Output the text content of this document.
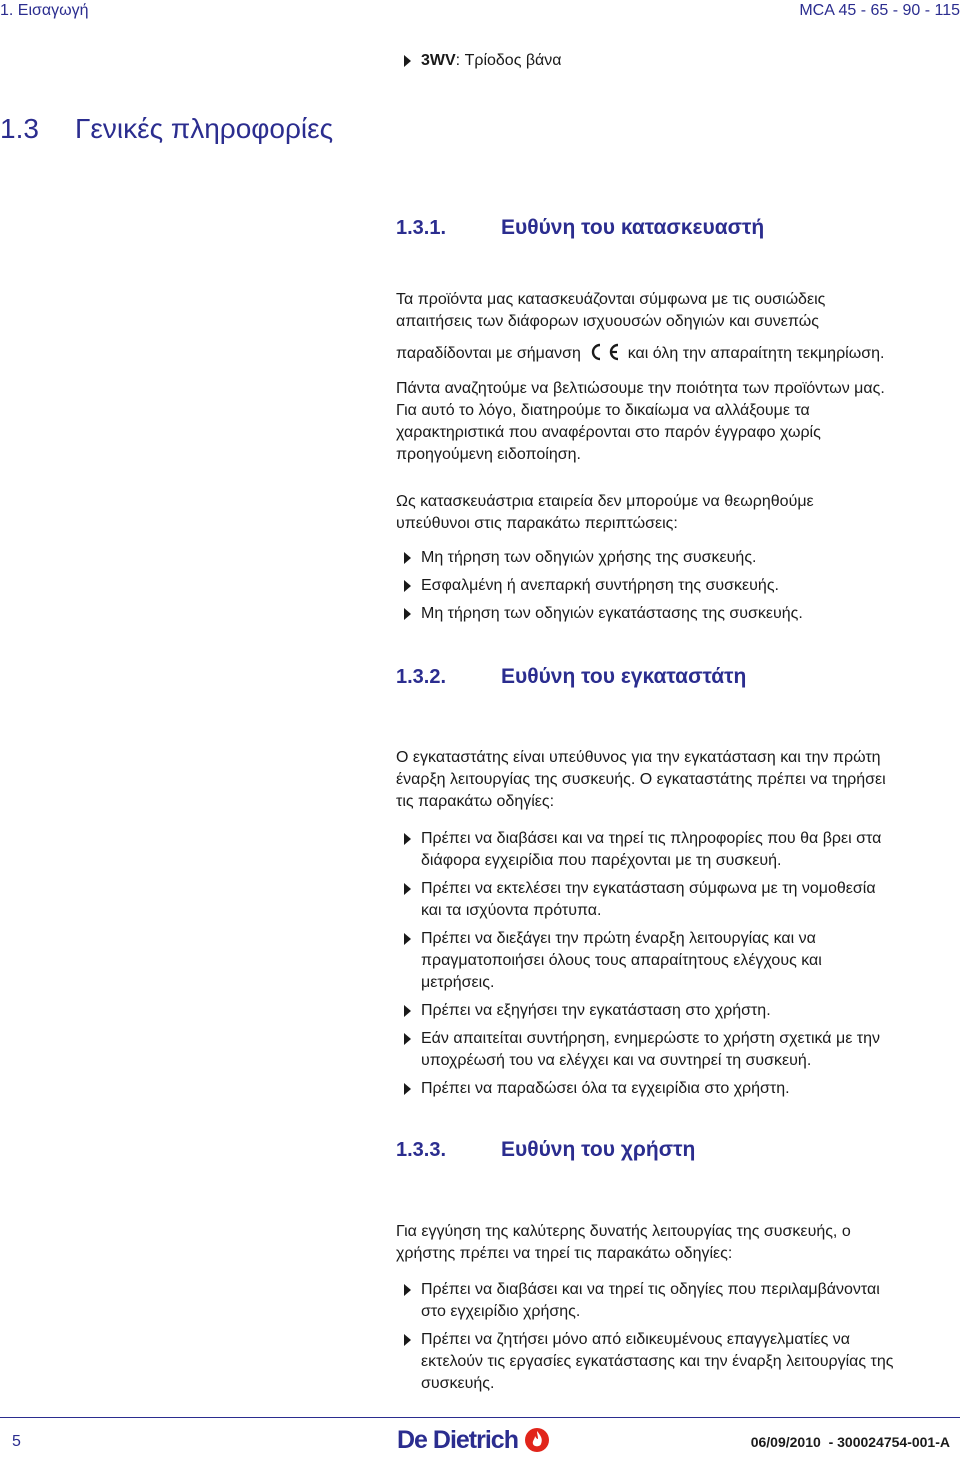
1. Εισαγωγή	MCA 45 - 65 - 90 - 115
3WV: Τρίοδος βάνα
1.3 Γενικές πληροφορίες
1.3.1.	Ευθύνη του κατασκευαστή
Τα προϊόντα μας κατασκευάζονται σύμφωνα με τις ουσιώδεις
απαιτήσεις των διάφορων ισχυουσών οδηγιών και συνεπώς
παραδίδονται με σήμανση	και όλη την απαραίτητη τεκμηρίωση.
Πάντα αναζητούμε να βελτιώσουμε την ποιότητα των προϊόντων μας.
Για αυτό το λόγο, διατηρούμε το δικαίωμα να αλλάξουμε τα
χαρακτηριστικά που αναφέρονται στο παρόν έγγραφο χωρίς
προηγούμενη ειδοποίηση.
Ως κατασκευάστρια εταιρεία δεν μπορούμε να θεωρηθούμε
υπεύθυνοι στις παρακάτω περιπτώσεις:
Μη τήρηση των οδηγιών χρήσης της συσκευής.
Εσφαλμένη ή ανεπαρκή συντήρηση της συσκευής.
Μη τήρηση των οδηγιών εγκατάστασης της συσκευής.
1.3.2.	Ευθύνη του εγκαταστάτη
Ο εγκαταστάτης είναι υπεύθυνος για την εγκατάσταση και την πρώτη
έναρξη λειτουργίας της συσκευής. Ο εγκαταστάτης πρέπει να τηρήσει
τις παρακάτω οδηγίες:
Πρέπει να διαβάσει και να τηρεί τις πληροφορίες που θα βρει στα
διάφορα εγχειρίδια που παρέχονται με τη συσκευή.
Πρέπει να εκτελέσει την εγκατάσταση σύμφωνα με τη νομοθεσία
και τα ισχύοντα πρότυπα.
Πρέπει να διεξάγει την πρώτη έναρξη λειτουργίας και να
πραγματοποιήσει όλους τους απαραίτητους ελέγχους και
μετρήσεις.
Πρέπει να εξηγήσει την εγκατάσταση στο χρήστη.
Εάν απαιτείται συντήρηση, ενημερώστε το χρήστη σχετικά με την
υποχρέωσή του να ελέγχει και να συντηρεί τη συσκευή.
Πρέπει να παραδώσει όλα τα εγχειρίδια στο χρήστη.
1.3.3.	Ευθύνη του χρήστη
Για εγγύηση της καλύτερης δυνατής λειτουργίας της συσκευής, ο
χρήστης πρέπει να τηρεί τις παρακάτω οδηγίες:
Πρέπει να διαβάσει και να τηρεί τις οδηγίες που περιλαμβάνονται
στο εγχειρίδιο χρήσης.
Πρέπει να ζητήσει μόνο από ειδικευμένους επαγγελματίες να
εκτελούν τις εργασίες εγκατάστασης και την έναρξη λειτουργίας της
συσκευής.
5	De Dietrich	06/09/2010  - 300024754-001-A
